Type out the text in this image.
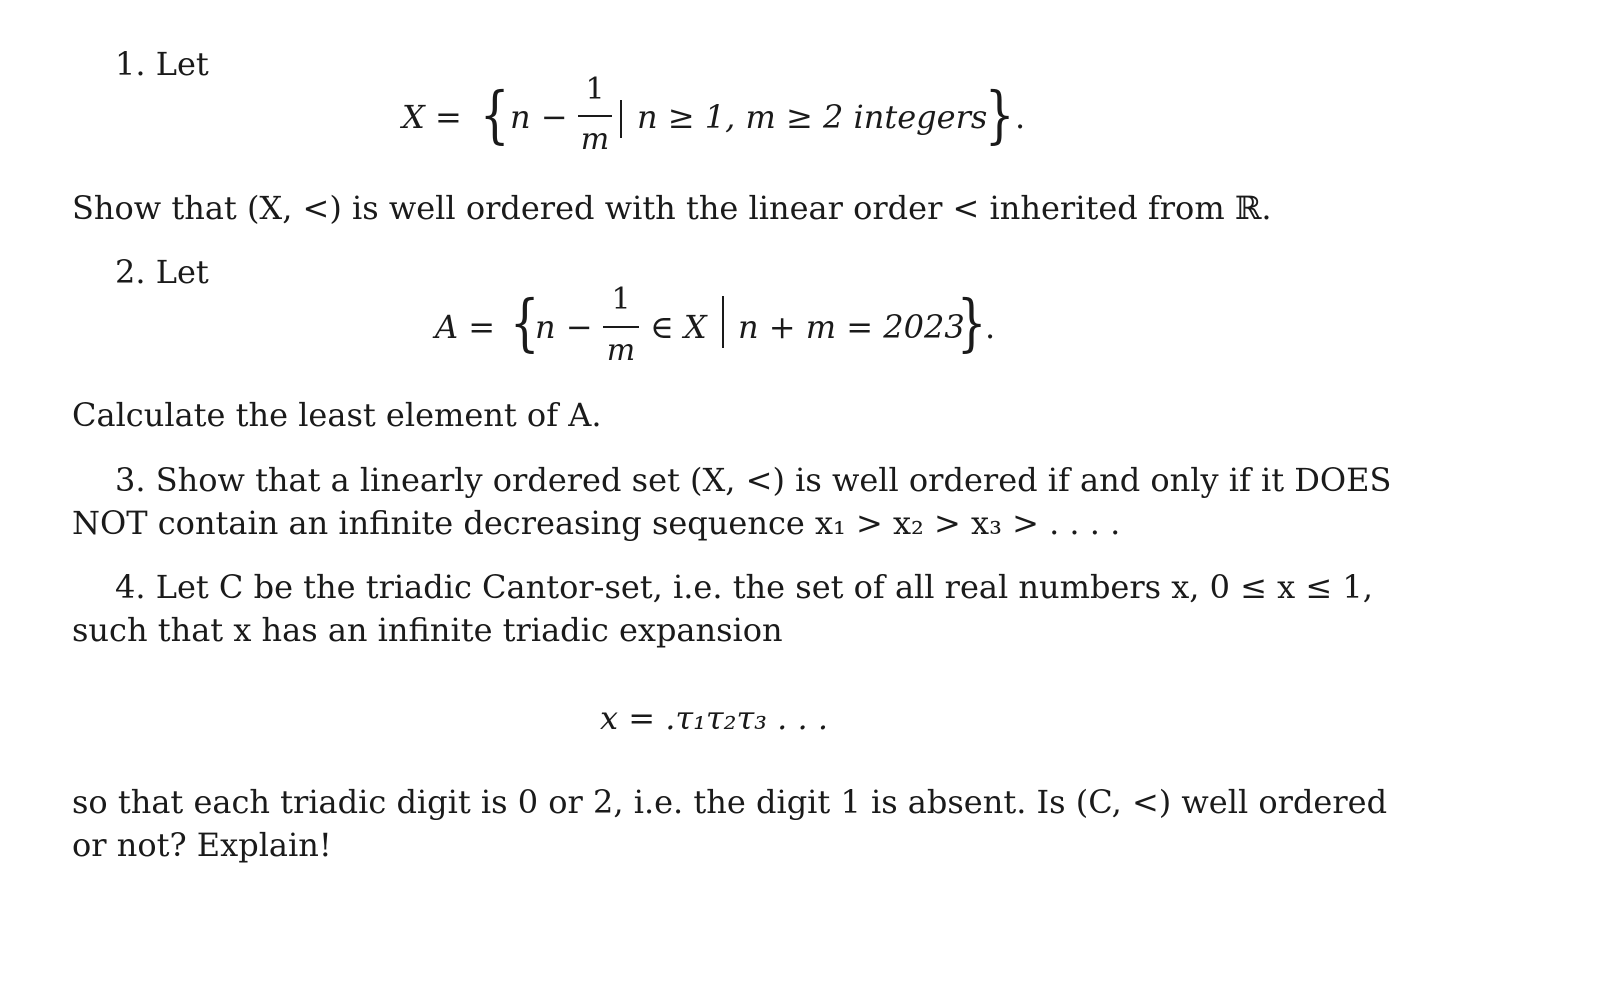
1. Let
X = { n −
1
m
n ≥ 1, m ≥ 2 integers
} .
Show that (X, <) is well ordered with the linear order < inherited from ℝ.
2. Let
A = {
n −
1
m
∈ X n + m = 2023
}
.
Calculate the least element of A.
3. Show that a linearly ordered set (X, <) is well ordered if and only if it DOES
NOT contain an infinite decreasing sequence x₁ > x₂ > x₃ > . . . .
4. Let C be the triadic Cantor-set, i.e. the set of all real numbers x, 0 ≤ x ≤ 1,
such that x has an infinite triadic expansion
x = .τ₁τ₂τ₃ . . .
so that each triadic digit is 0 or 2, i.e. the digit 1 is absent. Is (C, <) well ordered
or not? Explain!
